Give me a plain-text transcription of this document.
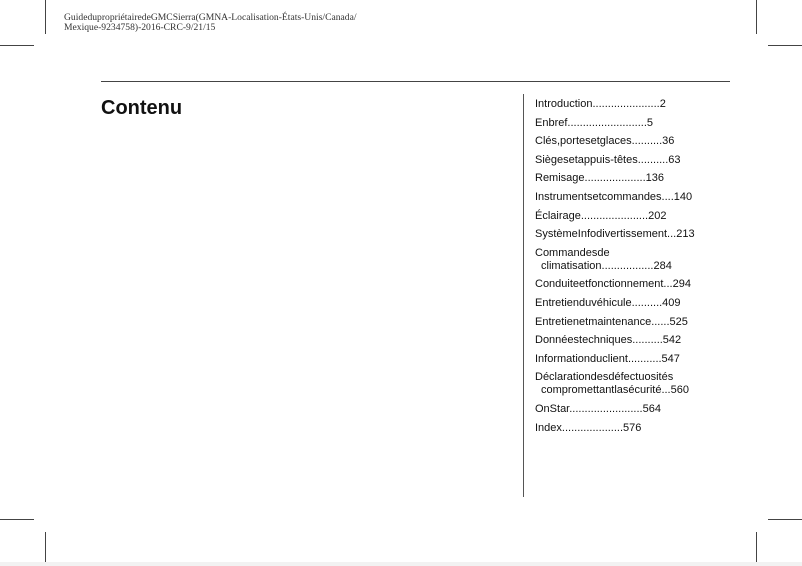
GuidedupropriétairedeGMCSierra(GMNA-Localisation-États-Unis/Canada/
Mexique-9234758)-2016-CRC-9/21/15
Contenu	Introduction......................2
Enbref..........................5
Clés,portesetglaces..........36
Sièges​etappuis-têtes..........63
Remisage....................136
Instrumentsetcommandes....140
Éclairage......................202
SystèmeInfodivertissement...213
Commandesde
climatisation.................284
Conduiteetfonctionnement...294
Entretienduvéhicule..........409
Entretienetmaintenance......525
Donnéestechniques..........542
Informationduclient...........547
Déclarationdesdéfectuosités
compromettantlasécurité...560
OnStar........................564
Index....................576
